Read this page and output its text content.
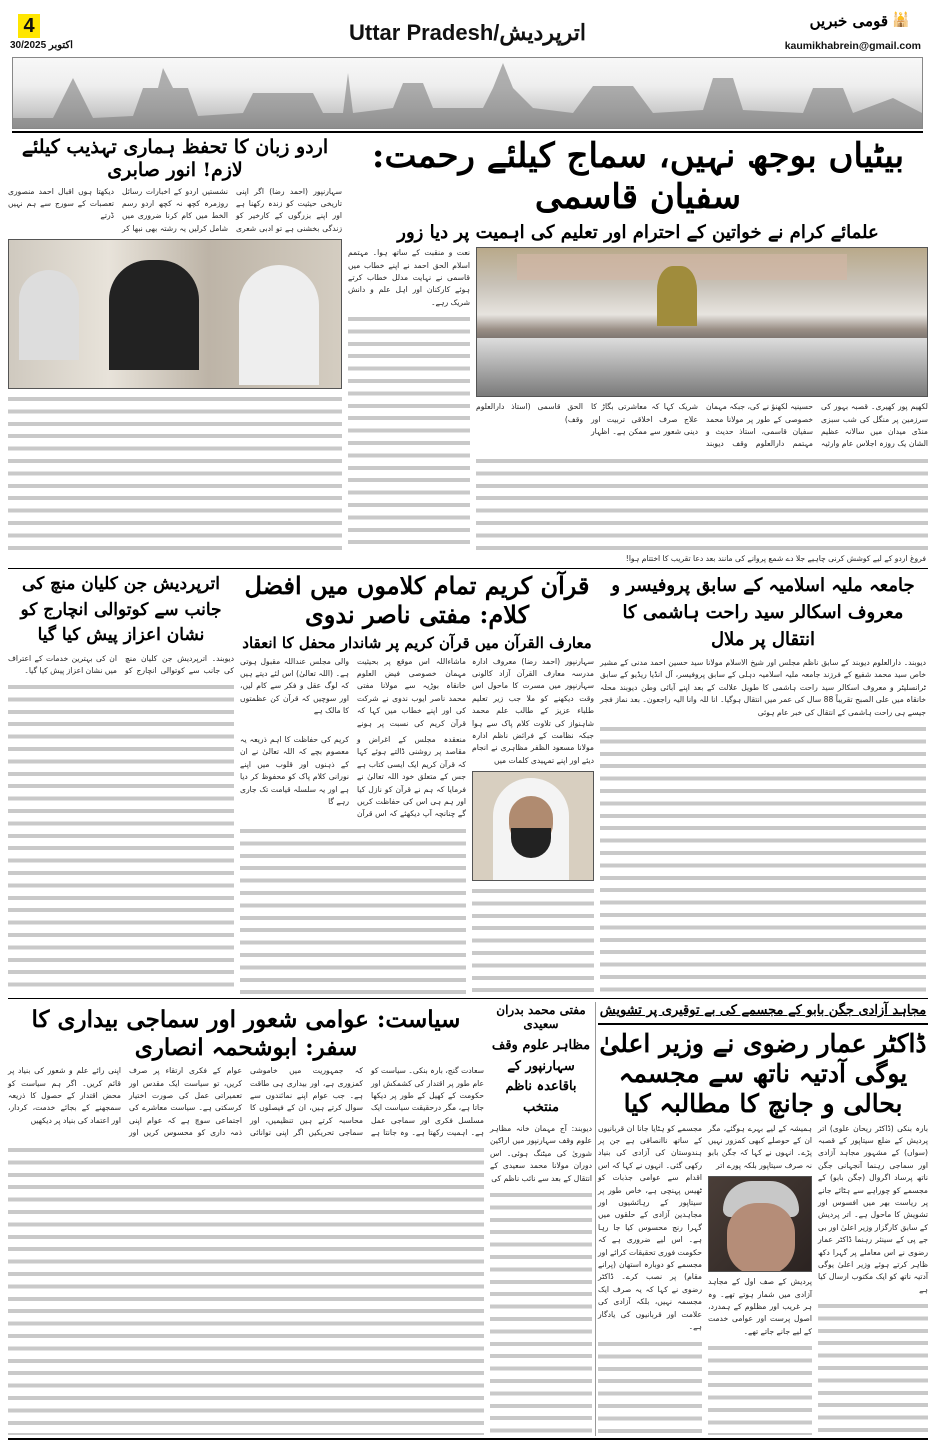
4
30/اکتوبر 2025
Uttar Pradesh/اترپردیش	🕌
قومی خبریں
kaumikhabrein@gmail.com
بیٹیاں بوجھ نہیں، سماج کیلئے رحمت: سفیان قاسمی
علمائے کرام نے خواتین کے احترام اور تعلیم کی اہمیت پر دیا زور
لکھیم پور کھیری۔ قصبہ بہور کی سرزمین پر منگل کی شب سبزی منڈی میدان میں سالانہ عظیم الشان یک روزہ اجلاس عام وارثیہ حسینیہ لکھنؤ نے کی، جبکہ مہمان خصوصی کے طور پر مولانا محمد سفیان قاسمی، استاذ حدیث و مہتمم دارالعلوم وقف دیوبند شریک کہا کہ معاشرتی بگاڑ کا علاج صرف اخلاقی تربیت اور دینی شعور سے ممکن ہے۔ اظہار الحق قاسمی (استاذ دارالعلوم وقف)
نعت و منقبت کے ساتھ ہوا۔ مہتمم اسلام الحق احمد نے اپنے خطاب میں قاسمی نے نہایت مدلل خطاب کرتے ہوئے کارکنان اور اہل علم و دانش شریک رہے۔
اردو زبان کا تحفظ ہماری تہذیب کیلئے لازم! انور صابری
سہارنپور (احمد رضا) اگر اپنی تاریخی حیثیت کو زندہ رکھنا ہے اور اپنے بزرگوں کے کارخیر کو زندگی بخشنی ہے تو ادبی شعری نشستیں اردو کے اخبارات رسائل روزمرہ کچھ نہ کچھ اردو رسم الخط میں کام کرنا ضروری میں شامل کرلیں یہ رشتہ بھی نبھا کر دیکھتا ہوں اقبال احمد منصوری تعصبات کے سورج سے ہم نہیں ڈرتے
فروغ اردو کے لیے کوشش کرنی چاہیے جلا دے شمع پروانے کی مانند بعد دعا تقریب کا اختتام ہوا!
جامعہ ملیہ اسلامیہ کے سابق پروفیسر و معروف اسکالر سید راحت ہاشمی کا انتقال پر ملال
دیوبند۔ دارالعلوم دیوبند کے سابق ناظم مجلس اور شیخ الاسلام مولانا سید حسین احمد مدنی کے مشیر خاص سید محمد شفیع کے فرزند جامعہ ملیہ اسلامیہ دہلی کے سابق پروفیسر، آل انڈیا ریڈیو کے سابق ٹرانسلیٹر و معروف اسکالر سید راحت ہاشمی کا طویل علالت کے بعد اپنے آبائی وطن دیوبند محلہ خانقاہ میں علی الصبح تقریباً 88 سال کی عمر میں انتقال ہوگیا۔ انا للہ وانا الیہ راجعون۔ بعد نماز فجر جیسے ہی راحت ہاشمی کے انتقال کی خبر عام ہوئی
قرآن کریم تمام کلاموں میں افضل کلام: مفتی ناصر ندوی
معارف القرآن میں قرآن کریم پر شاندار محفل کا انعقاد
سہارنپور (احمد رضا) معروف ادارہ مدرسہ معارف القرآن آزاد کالونی سہارنپور میں مسرت کا ماحول اس وقت دیکھنے کو ملا جب زیر تعلیم طلباء عزیز کے طالب علم محمد شاہنواز کی تلاوت کلام پاک سے ہوا جبکہ نظامت کے فرائض ناظم ادارہ مولانا مسعود الظفر مظاہری نے انجام دیئے اور اپنے تمہیدی کلمات میں
ماشاءاللہ اس موقع پر بحیثیت مہمان خصوصی فیض العلوم خانقاہ بوڑیہ سے مولانا مفتی محمد ناصر ایوب ندوی نے شرکت کی اور اپنے خطاب میں کہا کہ قرآن کریم کی نسبت پر ہونے والی مجلس عنداللہ مقبول ہوتی ہے۔ (اللہ تعالیٰ) اس لئے دیتے ہیں کہ لوگ عقل و فکر سے کام لیں، اور سوچیں کہ قرآن کن عظمتوں کا مالک ہے
منعقدہ مجلس کے اغراض و مقاصد پر روشنی ڈالتے ہوئے کہا کہ قرآن کریم ایک ایسی کتاب ہے جس کے متعلق خود اللہ تعالیٰ نے فرمایا کہ ہم نے قرآن کو نازل کیا اور ہم ہی اس کی حفاظت کریں گے چنانچہ آپ دیکھئے کہ اس قرآن کریم کی حفاظت کا اہم ذریعہ یہ معصوم بچے کہ اللہ تعالیٰ نے ان کے ذہنوں اور قلوب میں اپنے نورانی کلام پاک کو محفوظ کر دیا ہے اور یہ سلسلہ قیامت تک جاری رہے گا
اترپردیش جن کلیان منچ کی جانب سے کوتوالی انچارج کو نشان اعزاز پیش کیا گیا
دیوبند۔ اترپردیش جن کلیان منچ کی جانب سے کوتوالی انچارج کو ان کی بہترین خدمات کے اعتراف میں نشان اعزاز پیش کیا گیا۔
مجاہد آزادی جگن بابو کے مجسمے کی بے توقیری پر تشویش
ڈاکٹر عمار رضوی نے وزیر اعلیٰ یوگی آدتیہ ناتھ سے مجسمہ بحالی و جانچ کا مطالبہ کیا
بارہ بنکی (ڈاکٹر ریحان علوی) اتر پردیش کے ضلع سیتاپور کے قصبہ (سواں) کے مشہور مجاہد آزادی اور سماجی رہنما آنجہانی جگن ناتھ پرساد اگروال (جگن بابو) کے مجسمے کو چوراہے سے ہٹائے جانے پر ریاست بھر میں افسوس اور تشویش کا ماحول ہے۔ اتر پردیش کے سابق کارگزار وزیر اعلیٰ اور بی جے پی کے سینئر رہنما ڈاکٹر عمار رضوی نے اس معاملے پر گہرا دکھ ظاہر کرتے ہوئے وزیر اعلیٰ یوگی آدتیہ ناتھ کو ایک مکتوب ارسال کیا ہے
ہمیشہ کے لیے بہرے ہوگئے، مگر ان کے حوصلے کبھی کمزور نہیں پڑے۔ انہوں نے کہا کہ جگن بابو نہ صرف سیتاپور بلکہ پورے اتر
پردیش کے صف اول کے مجاہد آزادی میں شمار ہوتے تھے۔ وہ ہر غریب اور مظلوم کے ہمدرد، اصول پرست اور عوامی خدمت کے لیے جانے جاتے تھے۔
مجسمے کو ہٹایا جانا ان قربانیوں کے ساتھ ناانصافی ہے جن پر ہندوستان کی آزادی کی بنیاد رکھی گئی۔ انہوں نے کہا کہ اس اقدام سے عوامی جذبات کو ٹھیس پہنچی ہے، خاص طور پر سیتاپور کے رہائشیوں اور مجاہدین آزادی کے حلقوں میں گہرا رنج محسوس کیا جا رہا ہے۔ اس لیے ضروری ہے کہ حکومت فوری تحقیقات کرائے اور مجسمے کو دوبارہ استھان (پرانے مقام) پر نصب کرے۔ ڈاکٹر رضوی نے کہا کہ یہ صرف ایک مجسمہ نہیں، بلکہ آزادی کی علامت اور قربانیوں کی یادگار ہے۔
مفتی محمد بدران سعیدی
مظاہر علوم وقف سہارنپور کے باقاعدہ ناظم منتخب
دیوبند: آج مہمان خانہ مظاہر علوم وقف سہارنپور میں اراکین شوریٰ کی میٹنگ ہوئی۔ اس دوران مولانا محمد سعیدی کے انتقال کے بعد سے نائب ناظم کی
سیاست: عوامی شعور اور سماجی بیداری کا سفر: ابوشحمہ انصاری
سعادت گنج، بارہ بنکی۔ سیاست کو عام طور پر اقتدار کی کشمکش اور حکومت کے کھیل کے طور پر دیکھا جاتا ہے، مگر درحقیقت سیاست ایک مسلسل فکری اور سماجی عمل ہے۔ اہمیت رکھتا ہے۔ وہ جانتا ہے کہ جمہوریت میں خاموشی کمزوری ہے، اور بیداری ہی طاقت ہے۔ جب عوام اپنے نمائندوں سے سوال کرتے ہیں، ان کے فیصلوں کا محاسبہ کرتے ہیں تنظیمیں، اور سماجی تحریکیں اگر اپنی توانائی عوام کے فکری ارتقاء پر صرف کریں، تو سیاست ایک مقدس اور تعمیراتی عمل کی صورت اختیار کرسکتی ہے۔ سیاست معاشرے کی اجتماعی سوچ ہے کہ عوام اپنی ذمہ داری کو محسوس کریں اور اپنی رائے علم و شعور کی بنیاد پر قائم کریں۔ اگر ہم سیاست کو محض اقتدار کے حصول کا ذریعہ سمجھنے کے بجائے خدمت، کردار، اور اعتماد کی بنیاد پر دیکھیں
